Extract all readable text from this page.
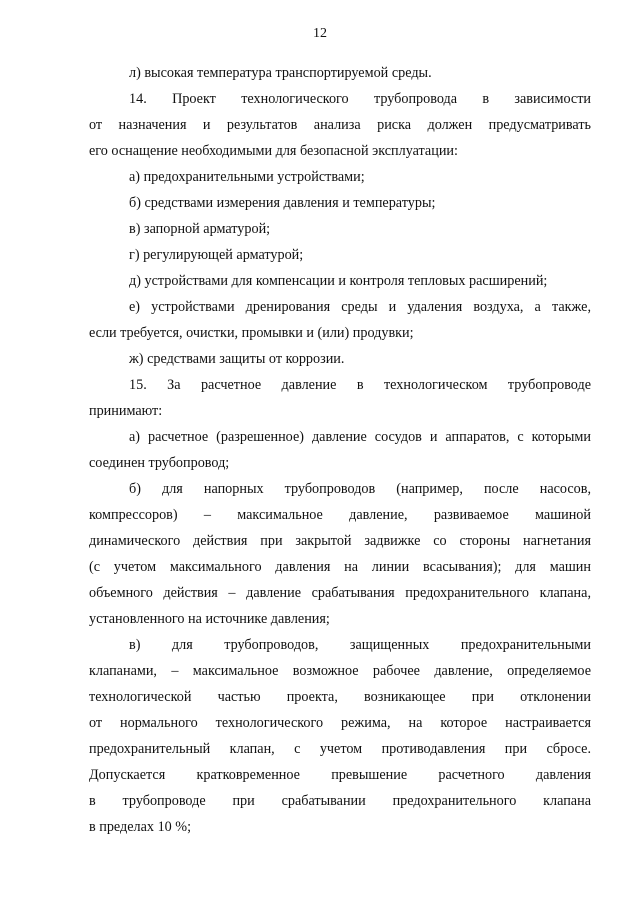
12
л) высокая температура транспортируемой среды.
14. Проект технологического трубопровода в зависимости
от назначения и результатов анализа риска должен предусматривать
его оснащение необходимыми для безопасной эксплуатации:
а) предохранительными устройствами;
б) средствами измерения давления и температуры;
в) запорной арматурой;
г) регулирующей арматурой;
д) устройствами для компенсации и контроля тепловых расширений;
е) устройствами дренирования среды и удаления воздуха, а также,
если требуется, очистки, промывки и (или) продувки;
ж) средствами защиты от коррозии.
15. За расчетное давление в технологическом трубопроводе
принимают:
а) расчетное (разрешенное) давление сосудов и аппаратов, с которыми
соединен трубопровод;
б) для напорных трубопроводов (например, после насосов,
компрессоров) – максимальное давление, развиваемое машиной
динамического действия при закрытой задвижке со стороны нагнетания
(с учетом максимального давления на линии всасывания); для машин
объемного действия – давление срабатывания предохранительного клапана,
установленного на источнике давления;
в) для трубопроводов, защищенных предохранительными
клапанами, – максимальное возможное рабочее давление, определяемое
технологической частью проекта, возникающее при отклонении
от нормального технологического режима, на которое настраивается
предохранительный клапан, с учетом противодавления при сбросе.
Допускается кратковременное превышение расчетного давления
в трубопроводе при срабатывании предохранительного клапана
в пределах 10 %;
